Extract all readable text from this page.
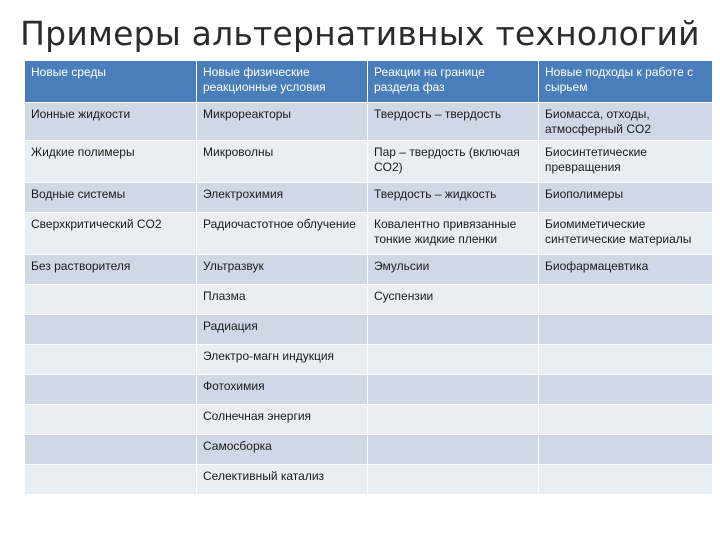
Примеры альтернативных технологий
Новые среды	Новые физические реакционные условия	Реакции на границе раздела фаз	Новые подходы к работе с сырьем
Ионные жидкости	Микрореакторы	Твердость – твердость	Биомасса, отходы, атмосферный CO2
Жидкие полимеры	Микроволны	Пар – твердость (включая CO2)	Биосинтетические превращения
Водные системы	Электрохимия	Твердость – жидкость	Биополимеры
Сверхкритический CO2	Радиочастотное облучение	Ковалентно привязанные тонкие жидкие пленки	Биомиметические синтетические материалы
Без растворителя	Ультразвук	Эмульсии	Биофармацевтика
	Плазма	Суспензии	
	Радиация		
	Электро-магн индукция		
	Фотохимия		
	Солнечная энергия		
	Самосборка		
	Селективный катализ		
